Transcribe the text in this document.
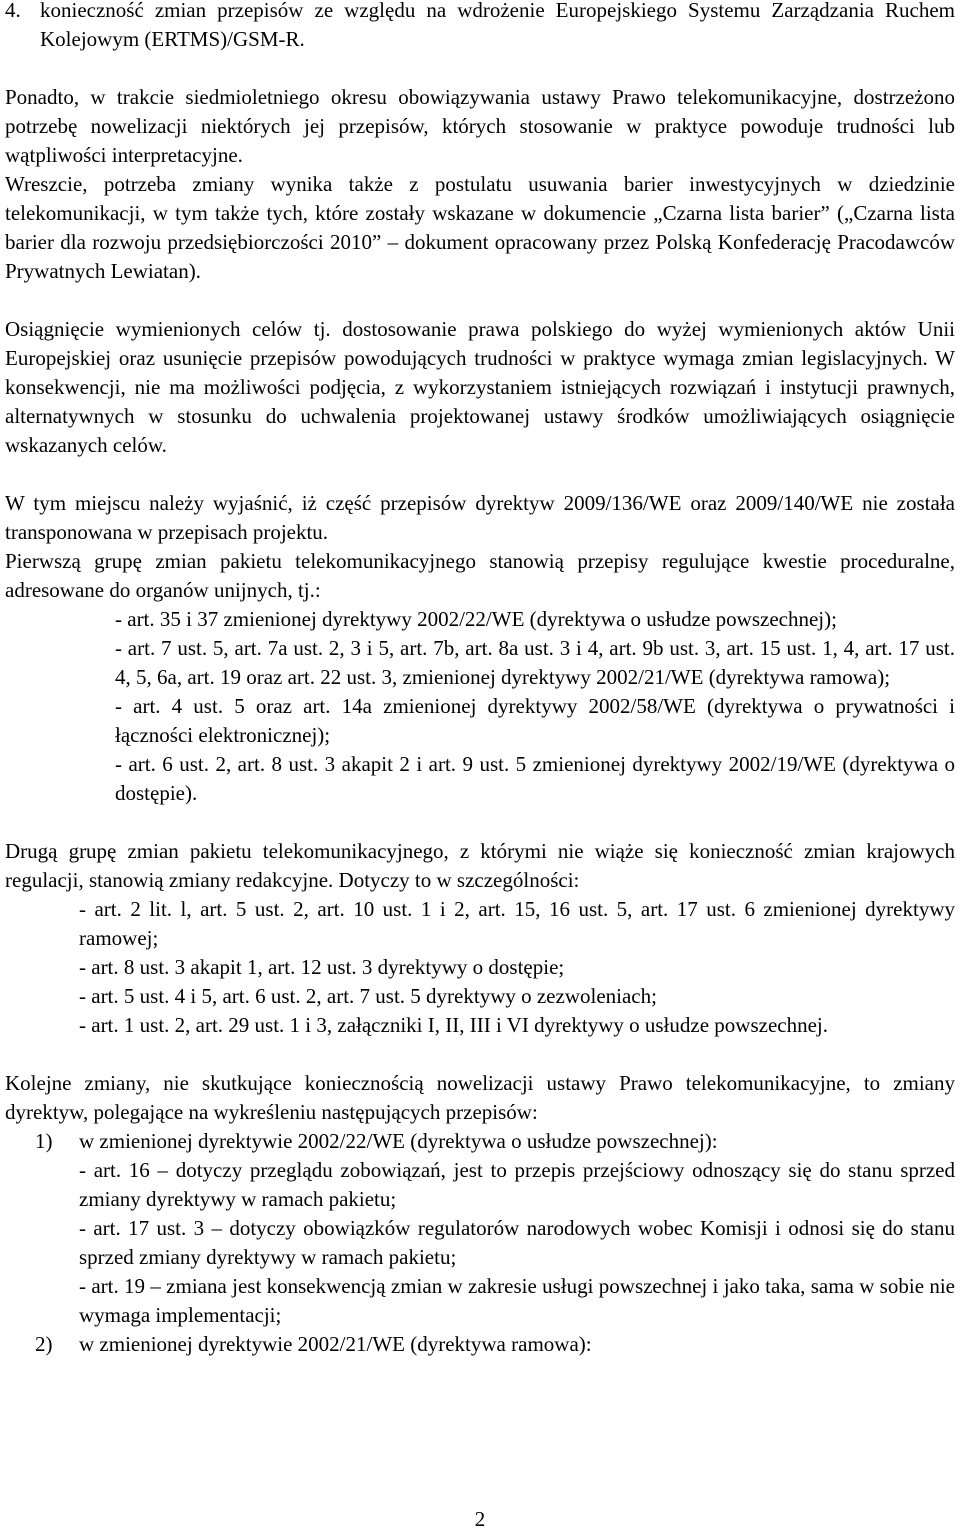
4. konieczność zmian przepisów ze względu na wdrożenie Europejskiego Systemu Zarządzania Ruchem Kolejowym (ERTMS)/GSM-R.

Ponadto, w trakcie siedmioletniego okresu obowiązywania ustawy Prawo telekomunikacyjne, dostrzeżono potrzebę nowelizacji niektórych jej przepisów, których stosowanie w praktyce powoduje trudności lub wątpliwości interpretacyjne.

Wreszcie, potrzeba zmiany wynika także z postulatu usuwania barier inwestycyjnych w dziedzinie telekomunikacji, w tym także tych, które zostały wskazane w dokumencie „Czarna lista barier” („Czarna lista barier dla rozwoju przedsiębiorczości 2010” – dokument opracowany przez Polską Konfederację Pracodawców Prywatnych Lewiatan).

Osiągnięcie wymienionych celów tj. dostosowanie prawa polskiego do wyżej wymienionych aktów Unii Europejskiej oraz usunięcie przepisów powodujących trudności w praktyce wymaga zmian legislacyjnych. W konsekwencji, nie ma możliwości podjęcia, z wykorzystaniem istniejących rozwiązań i instytucji prawnych, alternatywnych w stosunku do uchwalenia projektowanej ustawy środków umożliwiających osiągnięcie wskazanych celów.

W tym miejscu należy wyjaśnić, iż część przepisów dyrektyw 2009/136/WE oraz 2009/140/WE nie została transponowana w przepisach projektu.

Pierwszą grupę zmian pakietu telekomunikacyjnego stanowią przepisy regulujące kwestie proceduralne, adresowane do organów unijnych, tj.:

- art. 35 i 37 zmienionej dyrektywy 2002/22/WE (dyrektywa o usłudze powszechnej);

- art. 7 ust. 5, art. 7a ust. 2, 3 i 5, art. 7b, art. 8a ust. 3 i 4, art. 9b ust. 3, art. 15 ust. 1, 4, art. 17 ust. 4, 5, 6a, art. 19 oraz art. 22 ust. 3, zmienionej dyrektywy 2002/21/WE (dyrektywa ramowa);

- art. 4 ust. 5 oraz art. 14a zmienionej dyrektywy 2002/58/WE (dyrektywa o prywatności i łączności elektronicznej);

- art. 6 ust. 2, art. 8 ust. 3 akapit 2 i art. 9 ust. 5 zmienionej dyrektywy 2002/19/WE (dyrektywa o dostępie).

Drugą grupę zmian pakietu telekomunikacyjnego, z którymi nie wiąże się konieczność zmian krajowych regulacji, stanowią zmiany redakcyjne. Dotyczy to w szczególności:

- art. 2 lit. l, art. 5 ust. 2, art. 10 ust. 1 i 2, art. 15, 16 ust. 5, art. 17 ust. 6 zmienionej dyrektywy ramowej;

- art. 8 ust. 3 akapit 1, art. 12 ust. 3 dyrektywy o dostępie;

- art. 5 ust. 4 i 5, art. 6 ust. 2, art. 7 ust. 5 dyrektywy o zezwoleniach;

- art. 1 ust. 2, art. 29 ust. 1 i 3, załączniki I, II, III i VI dyrektywy o usłudze powszechnej.

Kolejne zmiany, nie skutkujące koniecznością nowelizacji ustawy Prawo telekomunikacyjne, to zmiany dyrektyw, polegające na wykreśleniu następujących przepisów:

1)	w zmienionej dyrektywie 2002/22/WE (dyrektywa o usłudze powszechnej):

- art. 16 – dotyczy przeglądu zobowiązań, jest to przepis przejściowy odnoszący się do stanu sprzed zmiany dyrektywy w ramach pakietu;

- art. 17 ust. 3 – dotyczy obowiązków regulatorów narodowych wobec Komisji i odnosi się do stanu sprzed zmiany dyrektywy w ramach pakietu;

- art. 19 – zmiana jest konsekwencją zmian w zakresie usługi powszechnej i jako taka, sama w sobie nie wymaga implementacji;

2)	w zmienionej dyrektywie 2002/21/WE (dyrektywa ramowa):
2
